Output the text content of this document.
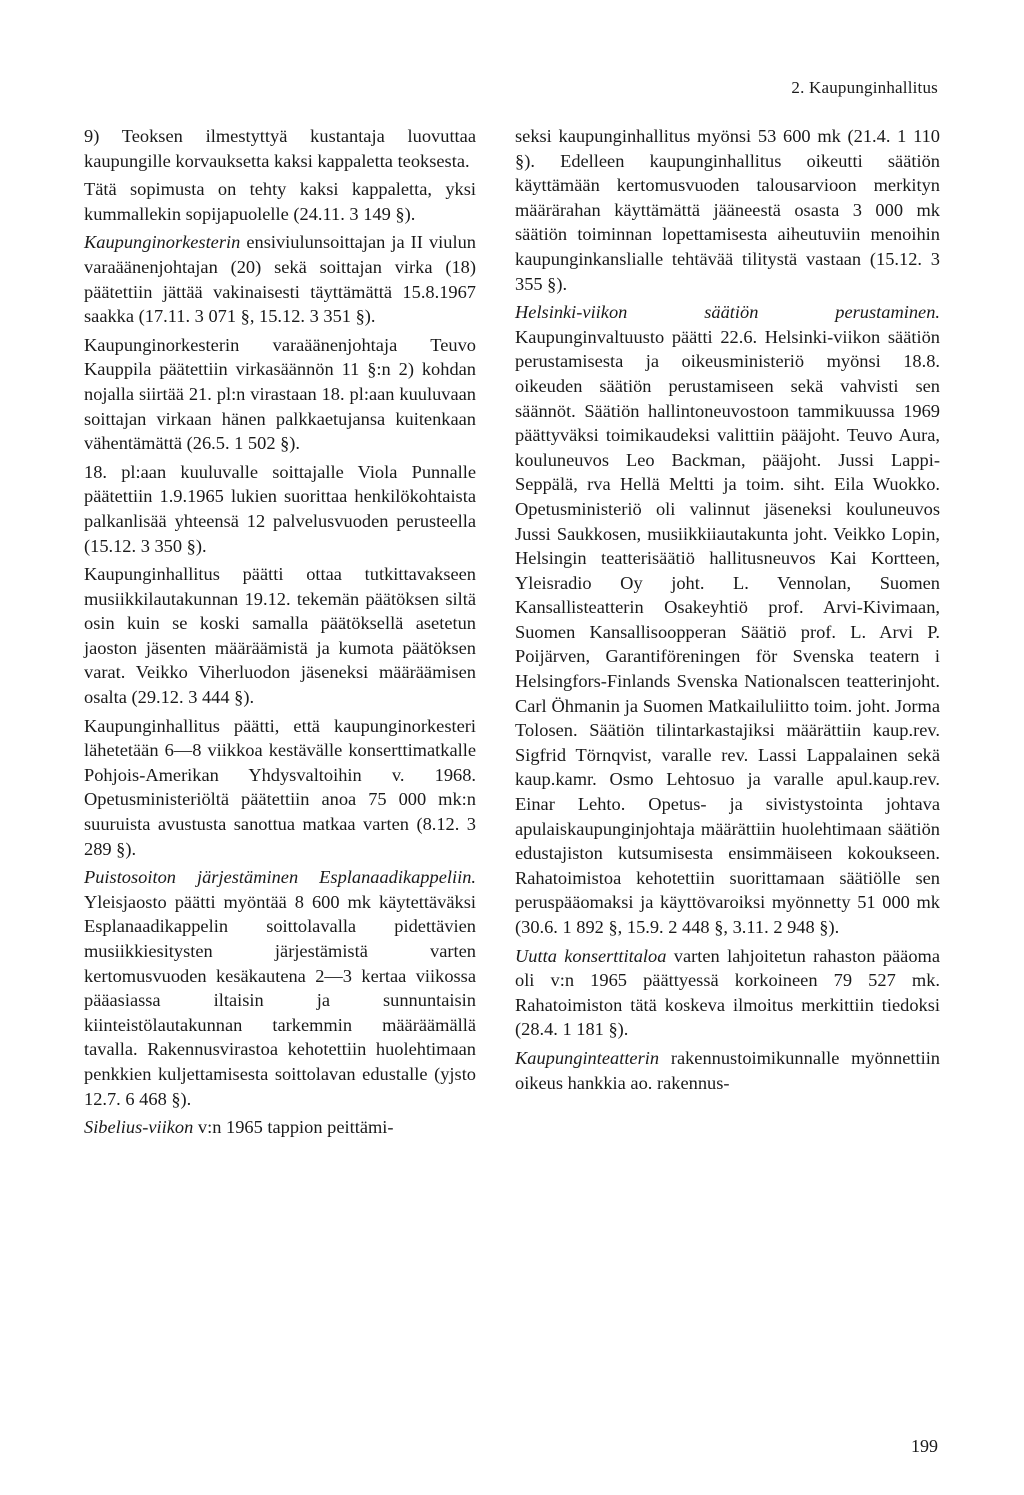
2. Kaupunginhallitus

9) Teoksen ilmestyttyä kustantaja luovuttaa kaupungille korvauksetta kaksi kappaletta teoksesta.

Tätä sopimusta on tehty kaksi kappaletta, yksi kummallekin sopijapuolelle (24.11. 3 149 §).

Kaupunginorkesterin ensiviulunsoittajan ja II viulun varaäänenjohtajan (20) sekä soittajan virka (18) päätettiin jättää vakinaisesti täyttämättä 15.8.1967 saakka (17.11. 3 071 §, 15.12. 3 351 §).

Kaupunginorkesterin varaäänenjohtaja Teuvo Kauppila päätettiin virkasäännön 11 §:n 2) kohdan nojalla siirtää 21. pl:n virastaan 18. pl:aan kuuluvaan soittajan virkaan hänen palkkaetujansa kuitenkaan vähentämättä (26.5. 1 502 §).

18. pl:aan kuuluvalle soittajalle Viola Punnalle päätettiin 1.9.1965 lukien suorittaa henkilökohtaista palkanlisää yhteensä 12 palvelusvuoden perusteella (15.12. 3 350 §).

Kaupunginhallitus päätti ottaa tutkittavakseen musiikkilautakunnan 19.12. tekemän päätöksen siltä osin kuin se koski samalla päätöksellä asetetun jaoston jäsenten määräämistä ja kumota päätöksen varat. Veikko Viherluodon jäseneksi määräämisen osalta (29.12. 3 444 §).

Kaupunginhallitus päätti, että kaupunginorkesteri lähetetään 6—8 viikkoa kestävälle konserttimatkalle Pohjois-Amerikan Yhdysvaltoihin v. 1968. Opetusministeriöltä päätettiin anoa 75 000 mk:n suuruista avustusta sanottua matkaa varten (8.12. 3 289 §).

Puistosoiton järjestäminen Esplanaadikappeliin. Yleisjaosto päätti myöntää 8 600 mk käytettäväksi Esplanaadikappelin soittolavalla pidettävien musiikkiesitysten järjestämistä varten kertomusvuoden kesäkautena 2—3 kertaa viikossa pääasiassa iltaisin ja sunnuntaisin kiinteistölautakunnan tarkemmin määräämällä tavalla. Rakennusvirastoa kehotettiin huolehtimaan penkkien kuljettamisesta soittolavan edustalle (yjsto 12.7. 6 468 §).

Sibelius-viikon v:n 1965 tappion peittämi-

seksi kaupunginhallitus myönsi 53 600 mk (21.4. 1 110 §). Edelleen kaupunginhallitus oikeutti säätiön käyttämään kertomusvuoden talousarvioon merkityn määrärahan käyttämättä jääneestä osasta 3 000 mk säätiön toiminnan lopettamisesta aiheutuviin menoihin kaupunginkanslialle tehtävää tilitystä vastaan (15.12. 3 355 §).

Helsinki-viikon säätiön perustaminen. Kaupunginvaltuusto päätti 22.6. Helsinki-viikon säätiön perustamisesta ja oikeusministeriö myönsi 18.8. oikeuden säätiön perustamiseen sekä vahvisti sen säännöt. Säätiön hallintoneuvostoon tammikuussa 1969 päättyväksi toimikaudeksi valittiin pääjoht. Teuvo Aura, kouluneuvos Leo Backman, pääjoht. Jussi Lappi-Seppälä, rva Hellä Meltti ja toim. siht. Eila Wuokko. Opetusministeriö oli valinnut jäseneksi kouluneuvos Jussi Saukkosen, musiikkiiautakunta joht. Veikko Lopin, Helsingin teatterisäätiö hallitusneuvos Kai Kortteen, Yleisradio Oy joht. L. Vennolan, Suomen Kansallisteatterin Osakeyhtiö prof. Arvi-Kivimaan, Suomen Kansallisoopperan Säätiö prof. L. Arvi P. Poijärven, Garantiföreningen för Svenska teatern i Helsingfors-Finlands Svenska Nationalscen teatterinjoht. Carl Öhmanin ja Suomen Matkailuliitto toim. joht. Jorma Tolosen. Säätiön tilintarkastajiksi määrättiin kaup.rev. Sigfrid Törnqvist, varalle rev. Lassi Lappalainen sekä kaup.kamr. Osmo Lehtosuo ja varalle apul.kaup.rev. Einar Lehto. Opetus- ja sivistystointa johtava apulaiskaupunginjohtaja määrättiin huolehtimaan säätiön edustajiston kutsumisesta ensimmäiseen kokoukseen. Rahatoimistoa kehotettiin suorittamaan säätiölle sen peruspääomaksi ja käyttövaroiksi myönnetty 51 000 mk (30.6. 1 892 §, 15.9. 2 448 §, 3.11. 2 948 §).

Uutta konserttitaloa varten lahjoitetun rahaston pääoma oli v:n 1965 päättyessä korkoineen 79 527 mk. Rahatoimiston tätä koskeva ilmoitus merkittiin tiedoksi (28.4. 1 181 §).

Kaupunginteatterin rakennustoimikunnalle myönnettiin oikeus hankkia ao. rakennus-

199
